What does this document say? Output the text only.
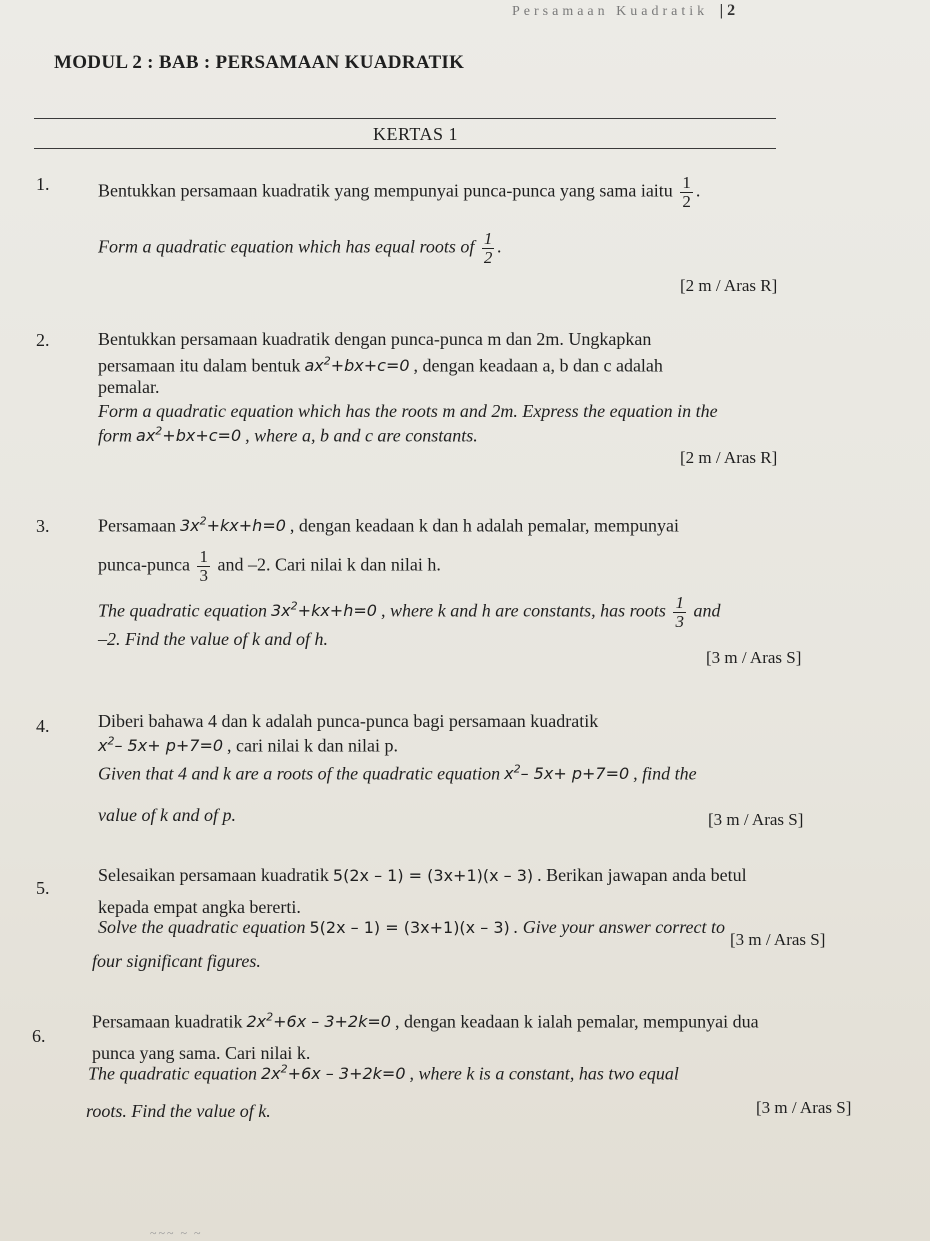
Persamaan Kuadratik | 2
MODUL 2 : BAB : PERSAMAAN KUADRATIK
KERTAS 1
1.	Bentukkan persamaan kuadratik yang mempunyai punca-punca yang sama iaitu $\frac{1}{2}$ .
Form a quadratic equation which has equal roots of $\frac{1}{2}$ .
[2 m / Aras R]
2.	Bentukkan persamaan kuadratik dengan punca-punca m dan 2m. Ungkapkan
persamaan itu dalam bentuk $ax^2+bx+c=0$ , dengan keadaan a, b dan c adalah
pemalar.
Form a quadratic equation which has the roots m and 2m. Express the equation in the
form $ax^2+bx+c=0$ , where a, b and c are constants.
[2 m / Aras R]
3.	Persamaan $3x^2+kx+h=0$ , dengan keadaan k dan h adalah pemalar, mempunyai
punca-punca $\frac{1}{3}$ and –2. Cari nilai k dan nilai h.
The quadratic equation $3x^2+kx+h=0$ , where k and h are constants, has roots $\frac{1}{3}$ and
–2. Find the value of k and of h.
[3 m / Aras S]
4.	Diberi bahawa 4 dan k adalah punca-punca bagi persamaan kuadratik
$x^2-$ 5x+ p+7=0 , cari nilai k dan nilai p.
Given that 4 and k are a roots of the quadratic equation $x^2-$ 5x+ p+7=0 , find the
value of k and of p.	[3 m / Aras S]
5.
Selesaikan persamaan kuadratik 5(2x – 1) = (3x+1)(x – 3) . Berikan jawapan anda betul
kepada empat angka bererti.
Solve the quadratic equation 5(2x – 1) = (3x+1)(x – 3) . Give your answer correct to
[3 m / Aras S]
four significant figures.
6.
Persamaan kuadratik $2x^2+6x - 3+2k=0$ , dengan keadaan k ialah pemalar, mempunyai dua
punca yang sama. Cari nilai k.
The quadratic equation $2x^2+6x - 3+2k=0$ , where k is a constant, has two equal
roots. Find the value of k.	[3 m / Aras S]
~~~ ~ ~
